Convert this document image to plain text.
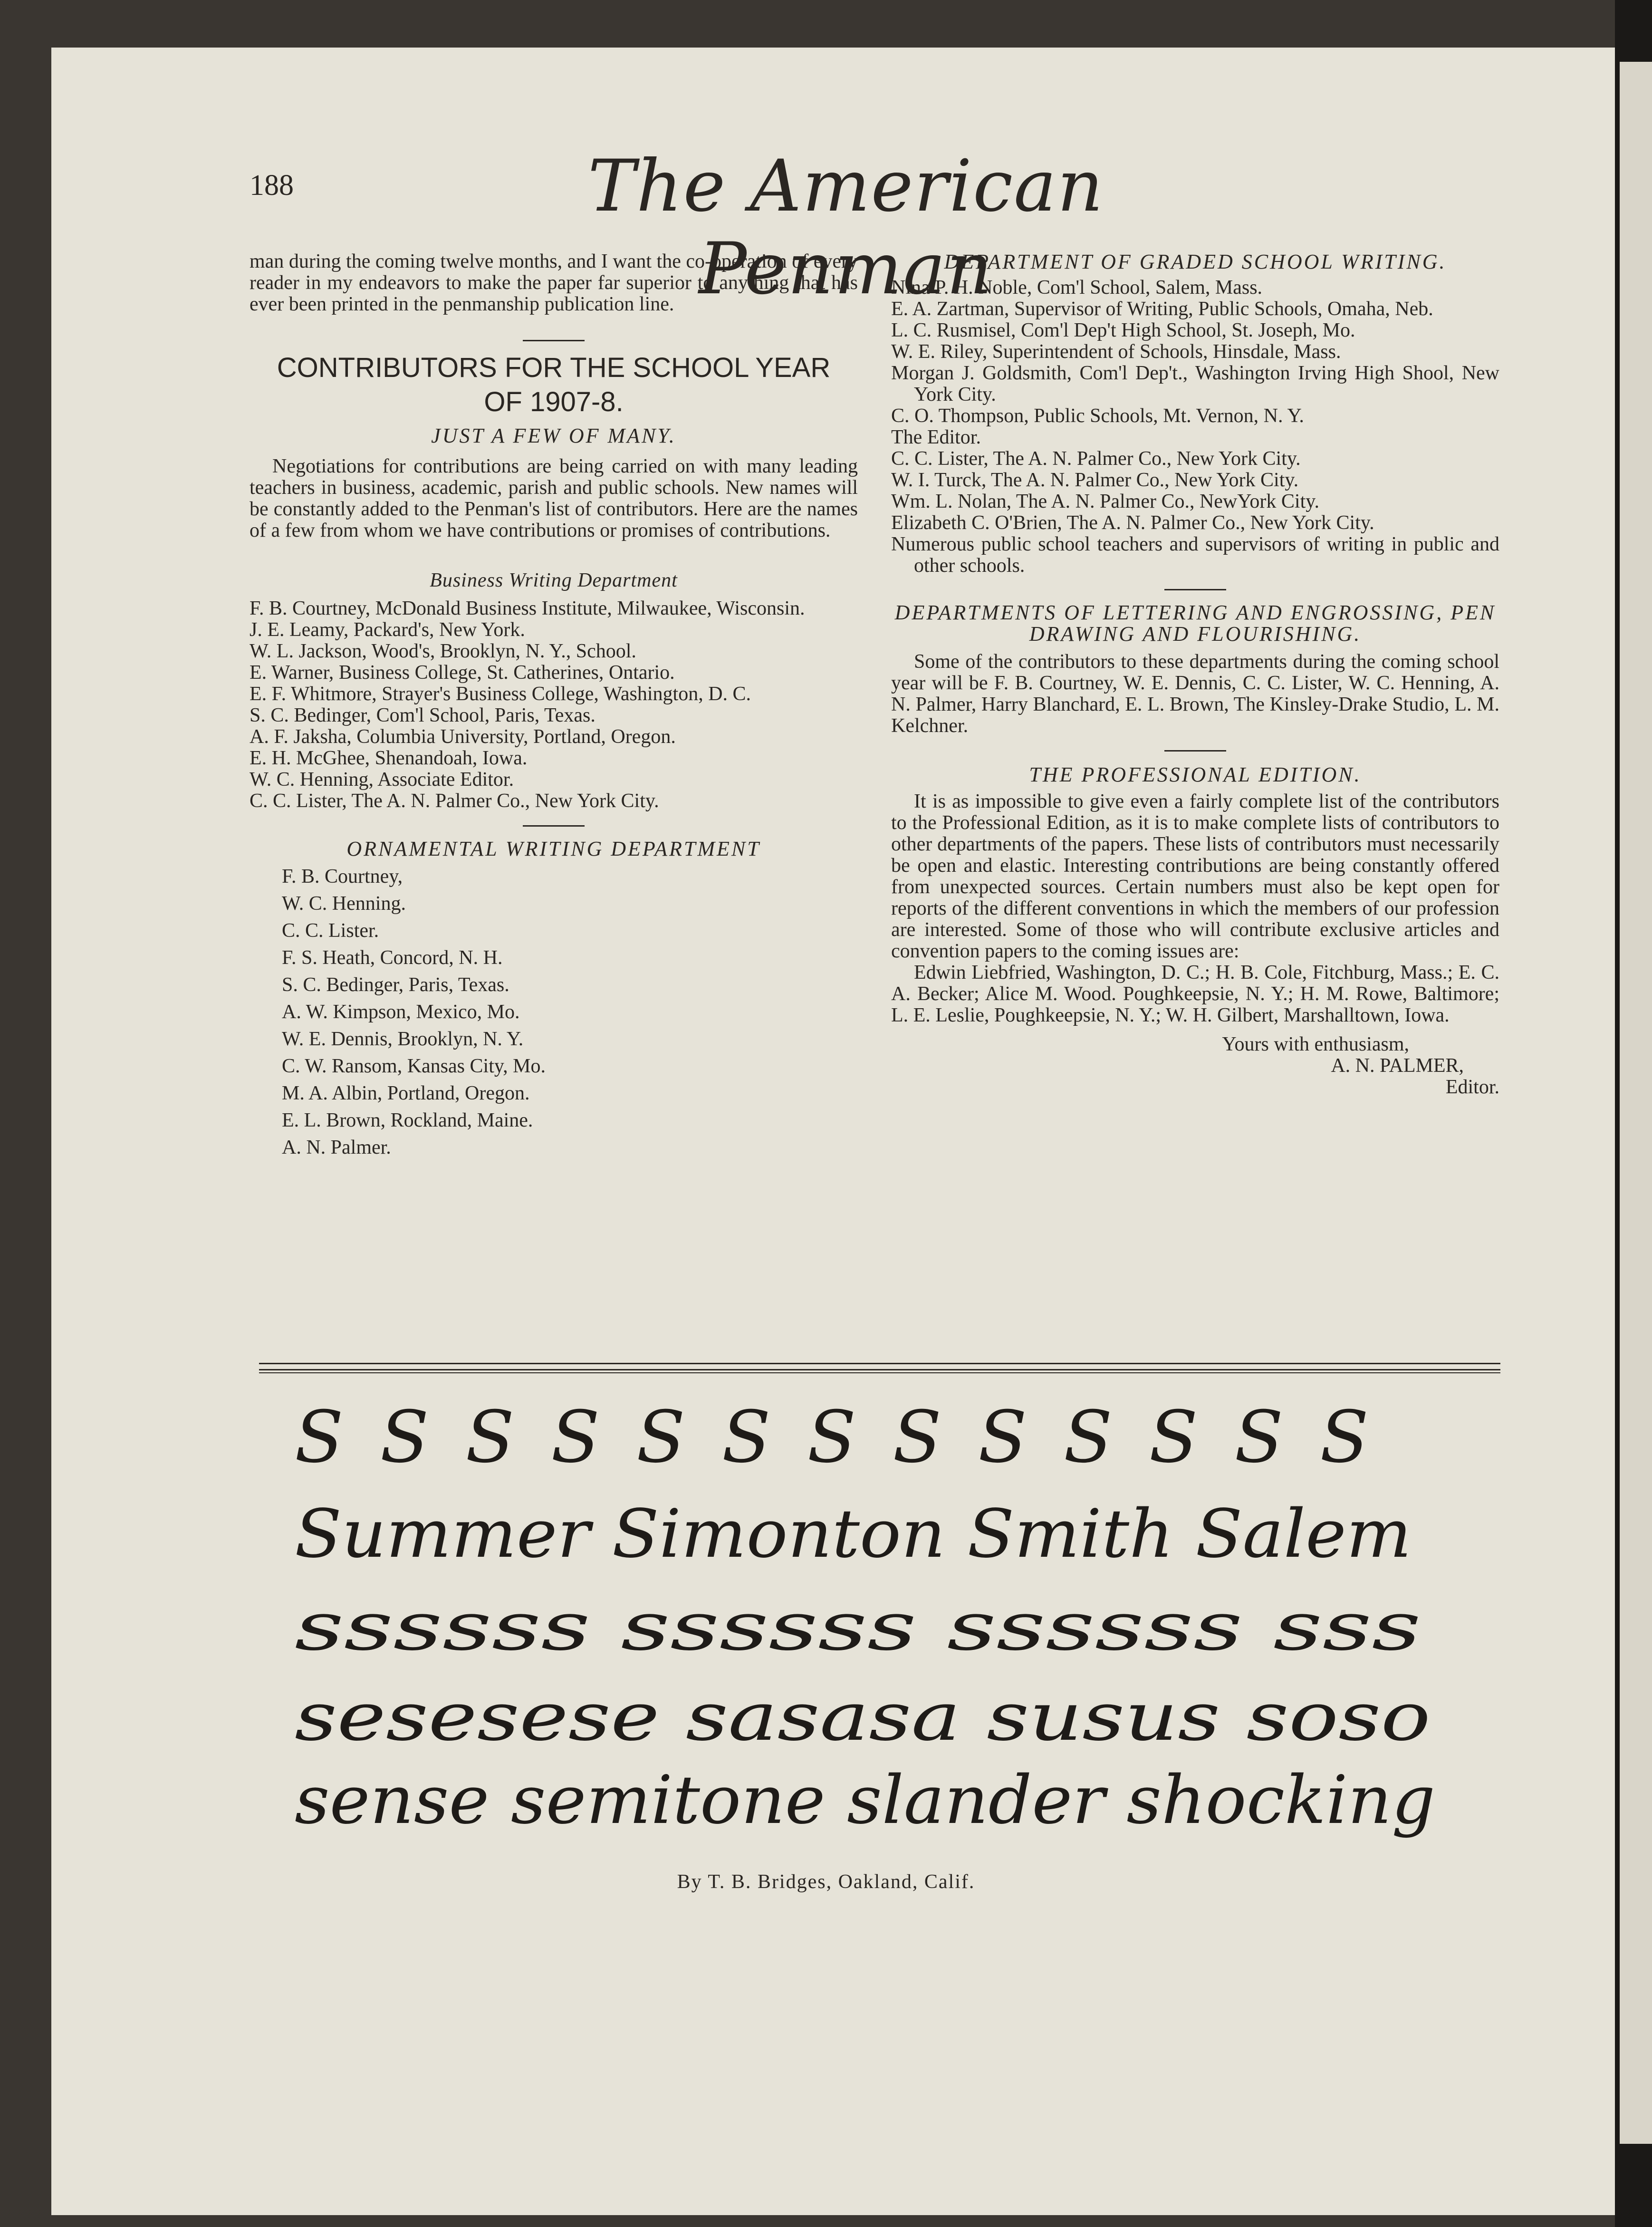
188	The American Penman

man during the coming twelve months, and I want the co-operation of every reader in my endeavors to make the paper far superior to anything that has ever been printed in the penmanship publication line.

CONTRIBUTORS FOR THE SCHOOL YEAR

OF 1907-8.

JUST A FEW OF MANY.

Negotiations for contributions are being carried on with many leading teachers in business, academic, parish and public schools. New names will be constantly added to the Penman's list of contributors. Here are the names of a few from whom we have contributions or promises of contributions.

Business Writing Department

F. B. Courtney, McDonald Business Institute, Milwaukee, Wisconsin.
J. E. Leamy, Packard's, New York.
W. L. Jackson, Wood's, Brooklyn, N. Y., School.
E. Warner, Business College, St. Catherines, Ontario.
E. F. Whitmore, Strayer's Business College, Washington, D. C.
S. C. Bedinger, Com'l School, Paris, Texas.
A. F. Jaksha, Columbia University, Portland, Oregon.
E. H. McGhee, Shenandoah, Iowa.
W. C. Henning, Associate Editor.
C. C. Lister, The A. N. Palmer Co., New York City.

ORNAMENTAL WRITING DEPARTMENT

F. B. Courtney,
W. C. Henning.
C. C. Lister.
F. S. Heath, Concord, N. H.
S. C. Bedinger, Paris, Texas.
A. W. Kimpson, Mexico, Mo.
W. E. Dennis, Brooklyn, N. Y.
C. W. Ransom, Kansas City, Mo.
M. A. Albin, Portland, Oregon.
E. L. Brown, Rockland, Maine.
A. N. Palmer.

DEPARTMENT OF GRADED SCHOOL WRITING.

Nina P. H. Noble, Com'l School, Salem, Mass.
E. A. Zartman, Supervisor of Writing, Public Schools, Omaha, Neb.
L. C. Rusmisel, Com'l Dep't High School, St. Joseph, Mo.
W. E. Riley, Superintendent of Schools, Hinsdale, Mass.
Morgan J. Goldsmith, Com'l Dep't., Washington Irving High Shool, New York City.
C. O. Thompson, Public Schools, Mt. Vernon, N. Y.
The Editor.
C. C. Lister, The A. N. Palmer Co., New York City.
W. I. Turck, The A. N. Palmer Co., New York City.
Wm. L. Nolan, The A. N. Palmer Co., NewYork City.
Elizabeth C. O'Brien, The A. N. Palmer Co., New York City.
Numerous public school teachers and supervisors of writing in public and other schools.

DEPARTMENTS OF LETTERING AND ENGROSSING, PEN DRAWING AND FLOURISHING.

Some of the contributors to these departments during the coming school year will be F. B. Courtney, W. E. Dennis, C. C. Lister, W. C. Henning, A. N. Palmer, Harry Blanchard, E. L. Brown, The Kinsley-Drake Studio, L. M. Kelchner.

THE PROFESSIONAL EDITION.

It is as impossible to give even a fairly complete list of the contributors to the Professional Edition, as it is to make complete lists of contributors to other departments of the papers. These lists of contributors must necessarily be open and elastic. Interesting contributions are being constantly offered from unexpected sources. Certain numbers must also be kept open for reports of the different conventions in which the members of our profession are interested. Some of those who will contribute exclusive articles and convention papers to the coming issues are:

Edwin Liebfried, Washington, D. C.; H. B. Cole, Fitchburg, Mass.; E. C. A. Becker; Alice M. Wood. Poughkeepsie, N. Y.; H. M. Rowe, Baltimore; L. E. Leslie, Poughkeepsie, N. Y.; W. H. Gilbert, Marshalltown, Iowa.

Yours with enthusiasm,
A. N. PALMER,
Editor.
S S S S S S S S S S S S S
Summer Simonton Smith Salem
ssssss ssssss ssssss sss
sesesese sasasa susus soso
sense semitone slander shocking
By T. B. Bridges, Oakland, Calif.
